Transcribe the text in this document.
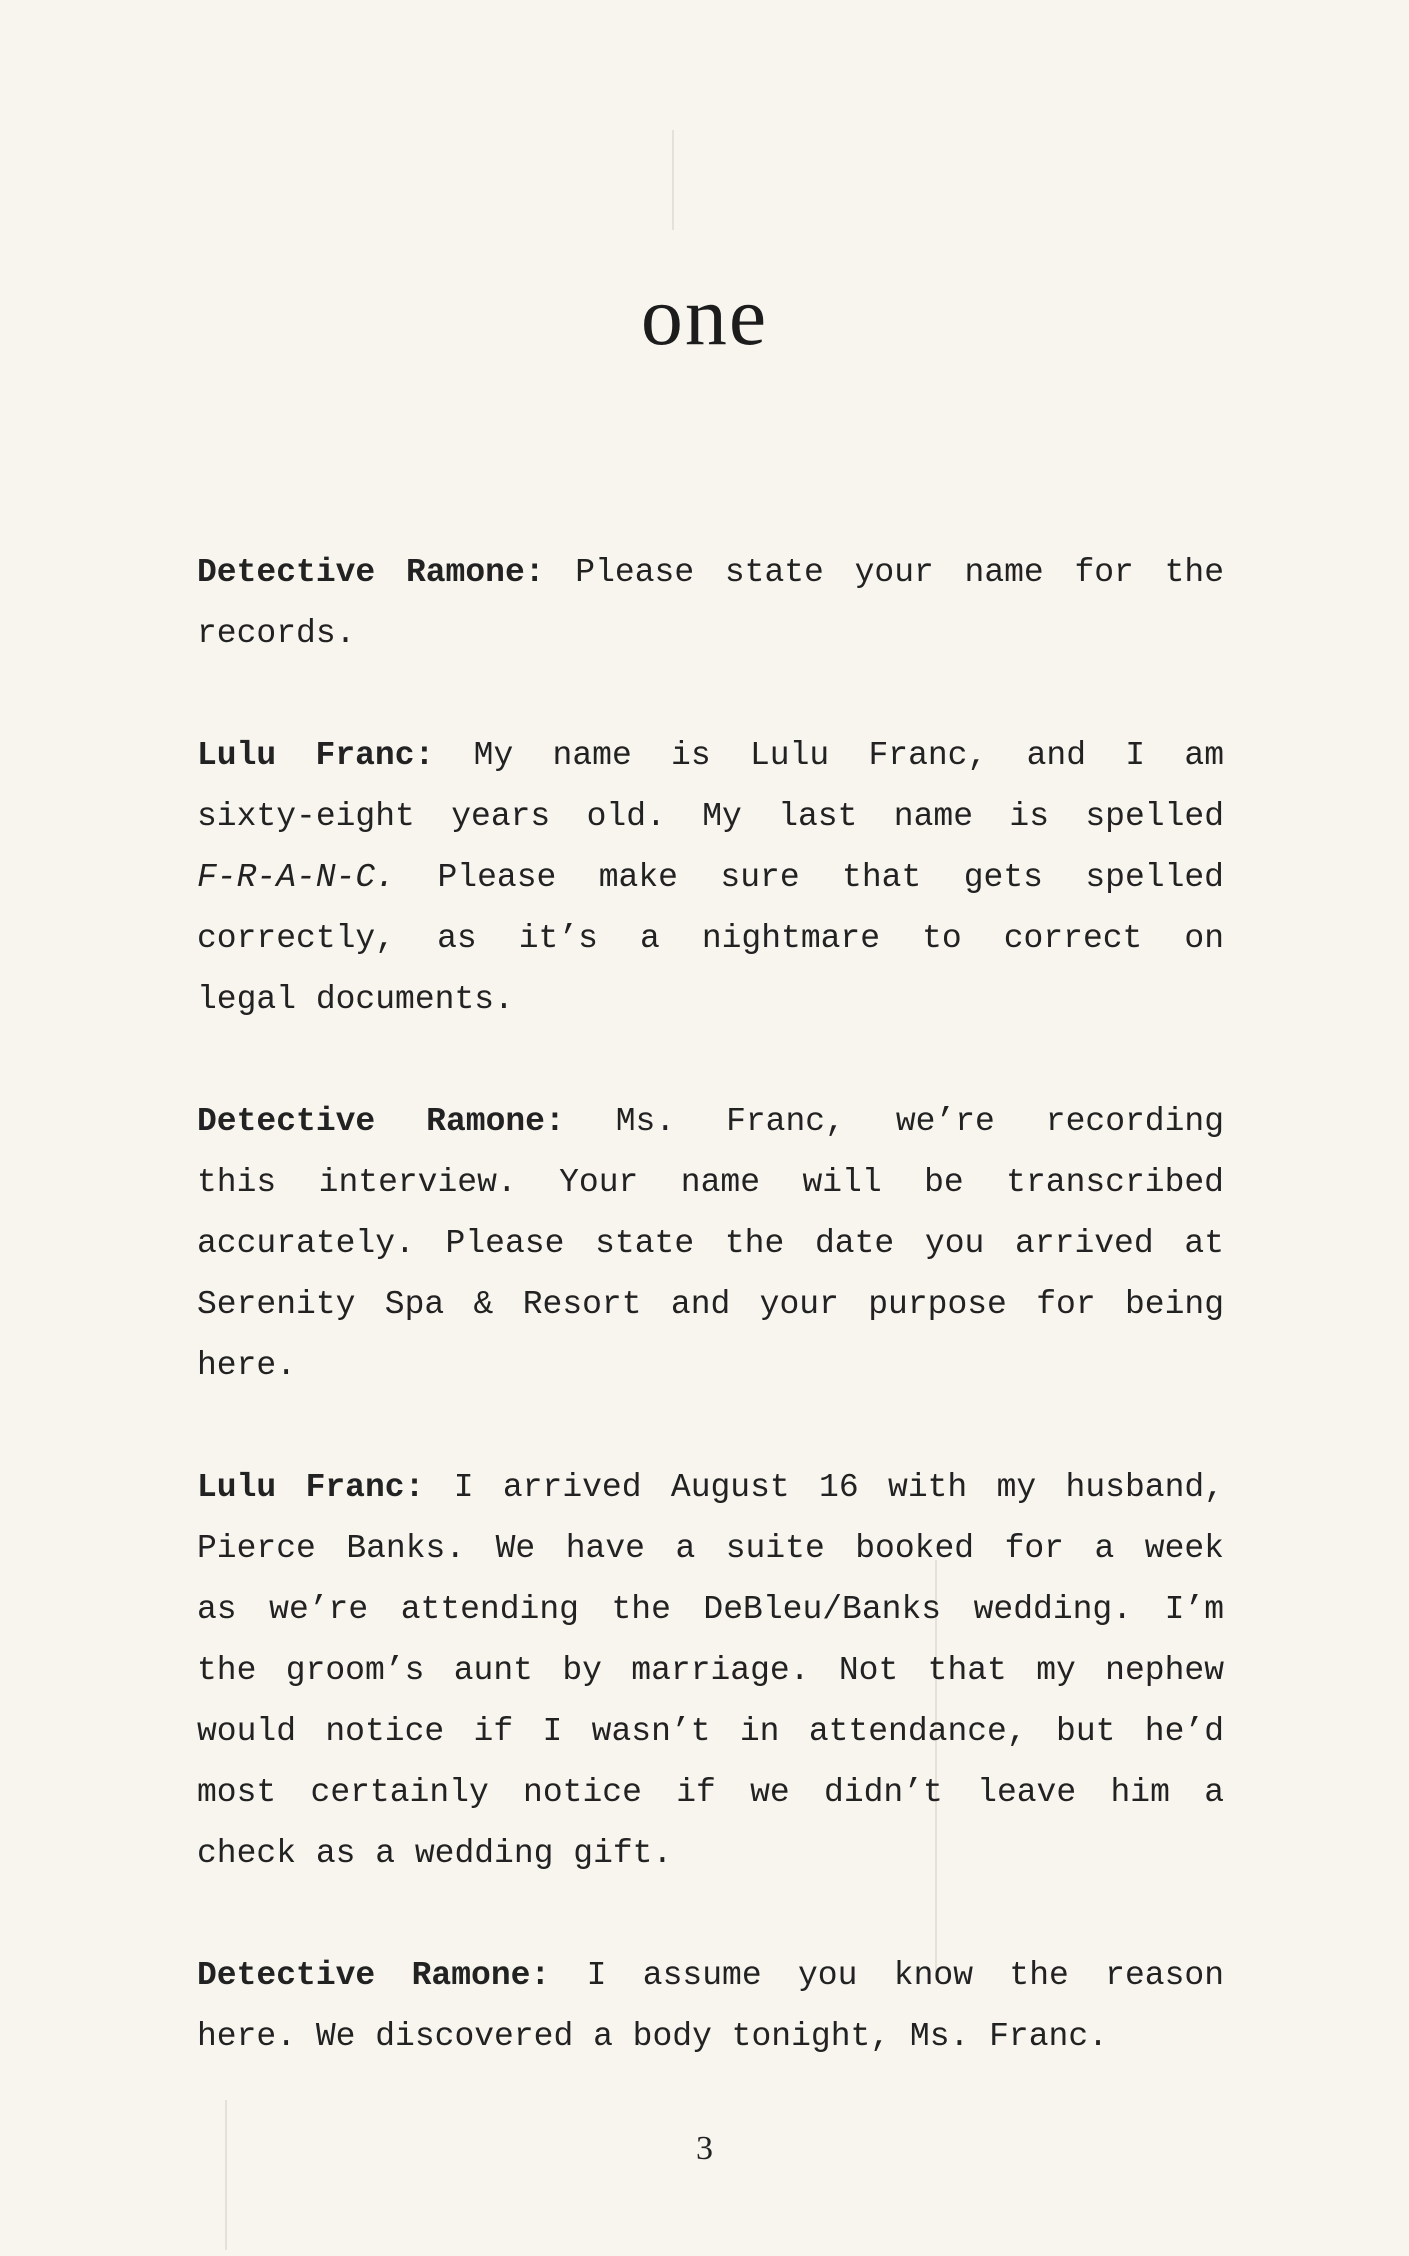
one
Detective Ramone: Please state your name for the
records.
Lulu Franc: My name is Lulu Franc, and I am
sixty-eight years old. My last name is spelled
F-R-A-N-C. Please make sure that gets spelled
correctly, as it’s a nightmare to correct on
legal documents.
Detective Ramone: Ms. Franc, we’re recording
this interview. Your name will be transcribed
accurately. Please state the date you arrived at
Serenity Spa & Resort and your purpose for being
here.
Lulu Franc: I arrived August 16 with my husband,
Pierce Banks. We have a suite booked for a week
as we’re attending the DeBleu/Banks wedding. I’m
the groom’s aunt by marriage. Not that my nephew
would notice if I wasn’t in attendance, but he’d
most certainly notice if we didn’t leave him a
check as a wedding gift.
Detective Ramone: I assume you know the reason
here. We discovered a body tonight, Ms. Franc.
3
